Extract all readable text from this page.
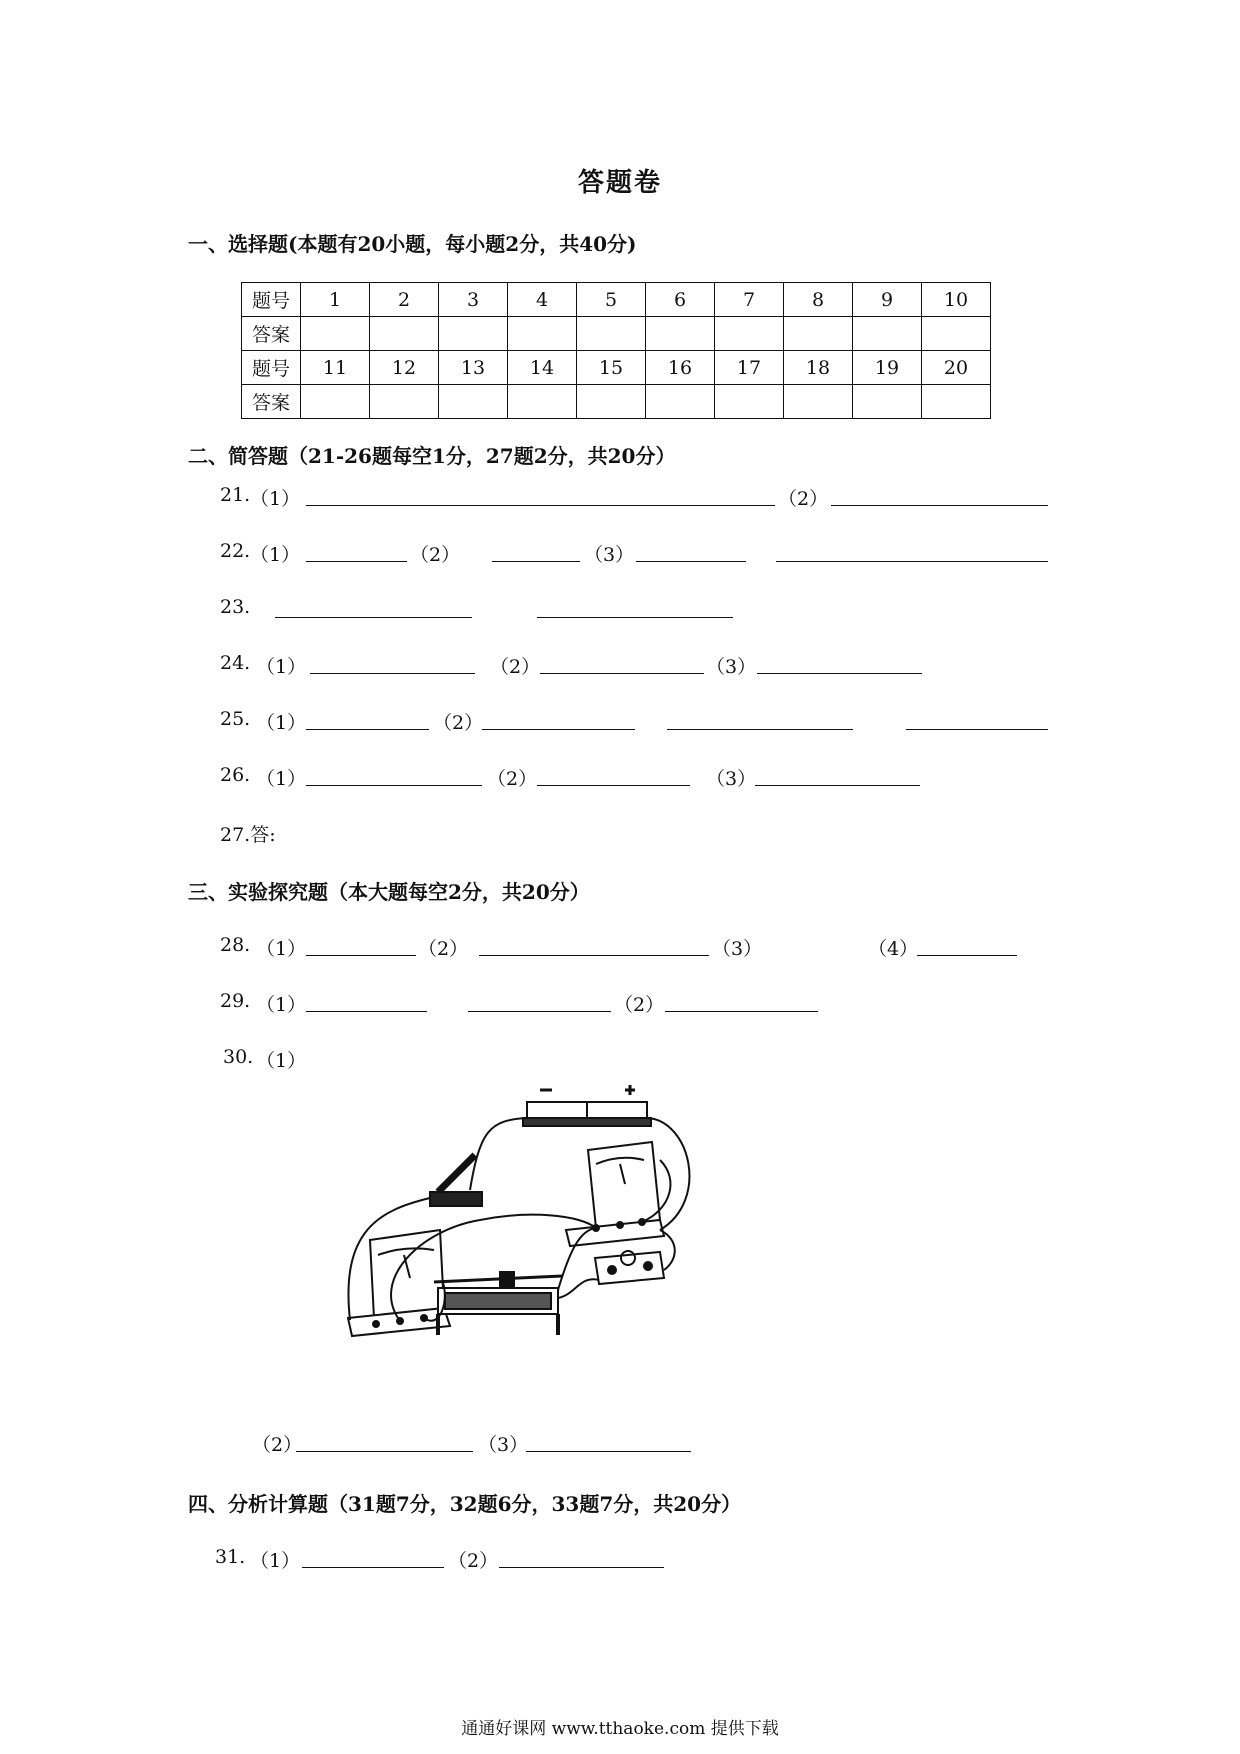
答题卷
一、选择题(本题有20小题，每小题2分，共40分)
题号	1	2	3	4	5	6	7	8	9	10
答案										
题号	11	12	13	14	15	16	17	18	19	20
答案										
二、简答题（21-26题每空1分，27题2分，共20分）
21. （1）	（2）
22. （1）	（2）	（3）
23.
24. （1）	（2）	（3）
25. （1）	（2）
26. （1）	（2）	（3）
27.答:
三、实验探究题（本大题每空2分，共20分）
28. （1）	（2）	（3）	（4）
29. （1）	（2）
30. （1）
（2）	（3）
四、分析计算题（31题7分，32题6分，33题7分，共20分）
31. （1）	（2）
通通好课网 www.tthaoke.com 提供下载
